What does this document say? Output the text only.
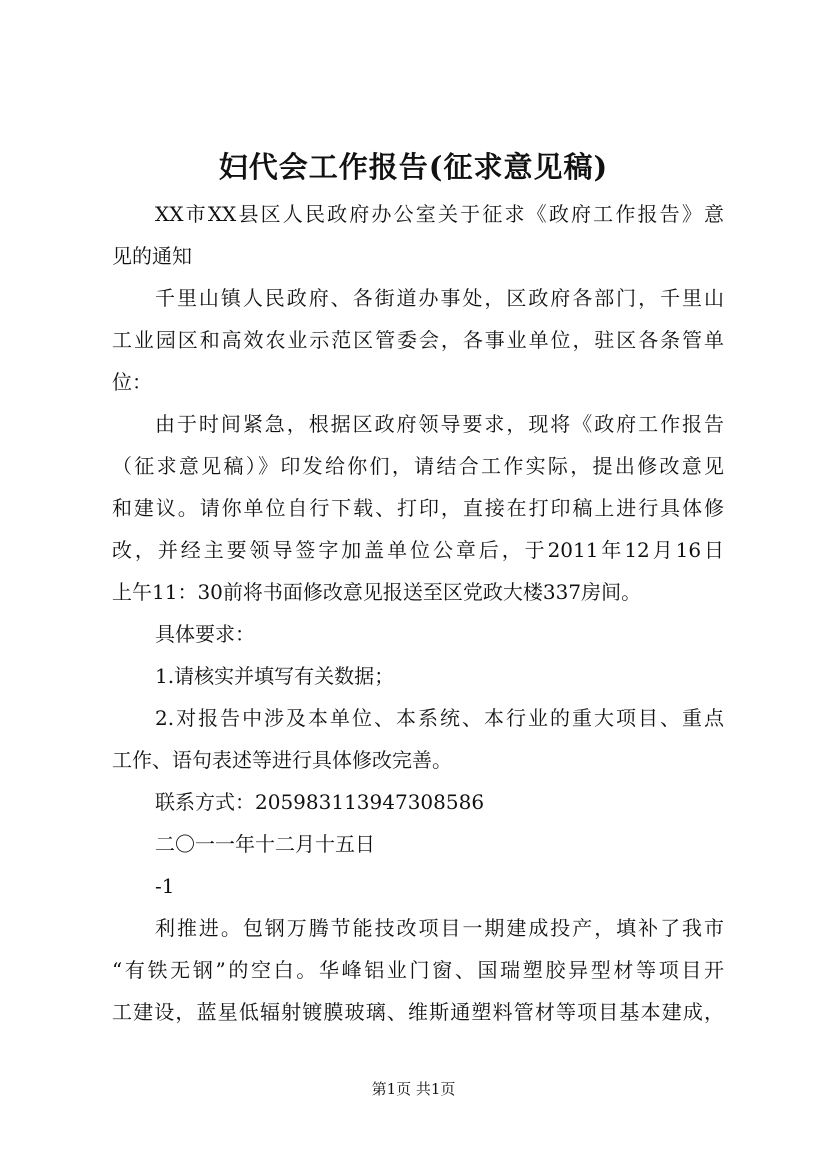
妇代会工作报告(征求意见稿)
XX市XX县区人民政府办公室关于征求《政府工作报告》意
见的通知
千里山镇人民政府、各街道办事处，区政府各部门，千里山
工业园区和高效农业示范区管委会，各事业单位，驻区各条管单
位：
由于时间紧急，根据区政府领导要求，现将《政府工作报告
（征求意见稿）》印发给你们，请结合工作实际，提出修改意见
和建议。请你单位自行下载、打印，直接在打印稿上进行具体修
改，并经主要领导签字加盖单位公章后，于2011年12月16日
上午11：30前将书面修改意见报送至区党政大楼337房间。
具体要求：
1.请核实并填写有关数据；
2.对报告中涉及本单位、本系统、本行业的重大项目、重点
工作、语句表述等进行具体修改完善。
联系方式：205983113947308586
二〇一一年十二月十五日
-1
利推进。包钢万腾节能技改项目一期建成投产，填补了我市
“有铁无钢”的空白。华峰铝业门窗、国瑞塑胶异型材等项目开
工建设，蓝星低辐射镀膜玻璃、维斯通塑料管材等项目基本建成，
第1页 共1页
